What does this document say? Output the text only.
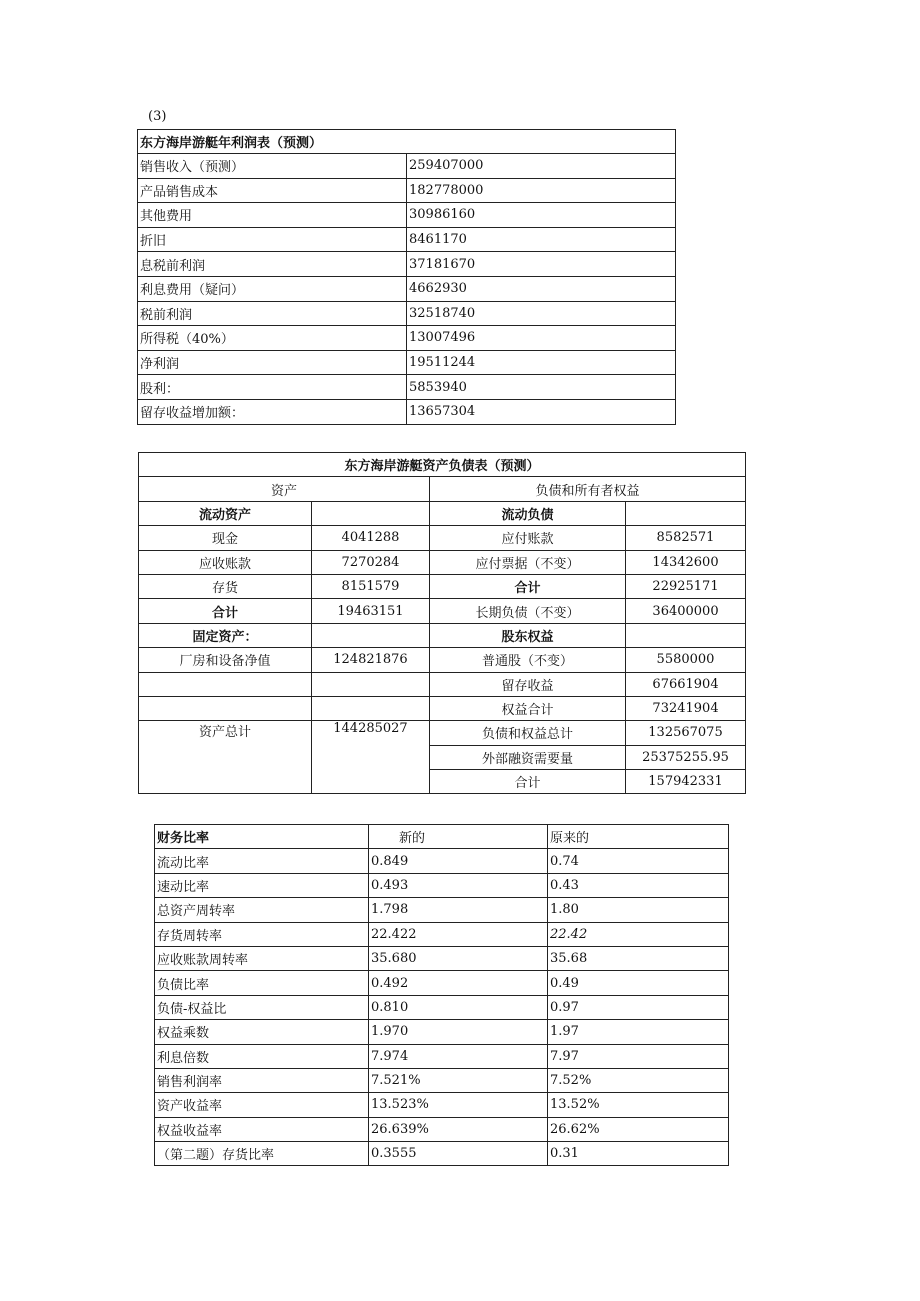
(3)
东方海岸游艇年利润表（预测）	
销售收入（预测）	259407000
产品销售成本	182778000
其他费用	30986160
折旧	8461170
息税前利润	37181670
利息费用（疑问）	4662930
税前利润	32518740
所得税（40%）	13007496
净利润	19511244
股利：	5853940
留存收益增加额：	13657304
东方海岸游艇资产负债表（预测）			
资产		负债和所有者权益	
流动资产		流动负债	
现金	4041288	应付账款	8582571
应收账款	7270284	应付票据（不变）	14342600
存货	8151579	合计	22925171
合计	19463151	长期负债（不变）	36400000
固定资产：		股东权益	
厂房和设备净值	124821876	普通股（不变）	5580000
		留存收益	67661904
		权益合计	73241904
资产总计	144285027	负债和权益总计	132567075
		外部融资需要量	25375255.95
		合计	157942331
财务比率	新的	原来的
流动比率	0.849	0.74
速动比率	0.493	0.43
总资产周转率	1.798	1.80
存货周转率	22.422	22.42
应收账款周转率	35.680	35.68
负债比率	0.492	0.49
负债-权益比	0.810	0.97
权益乘数	1.970	1.97
利息倍数	7.974	7.97
销售利润率	7.521%	7.52%
资产收益率	13.523%	13.52%
权益收益率	26.639%	26.62%
（第二题）存货比率	0.3555	0.31
